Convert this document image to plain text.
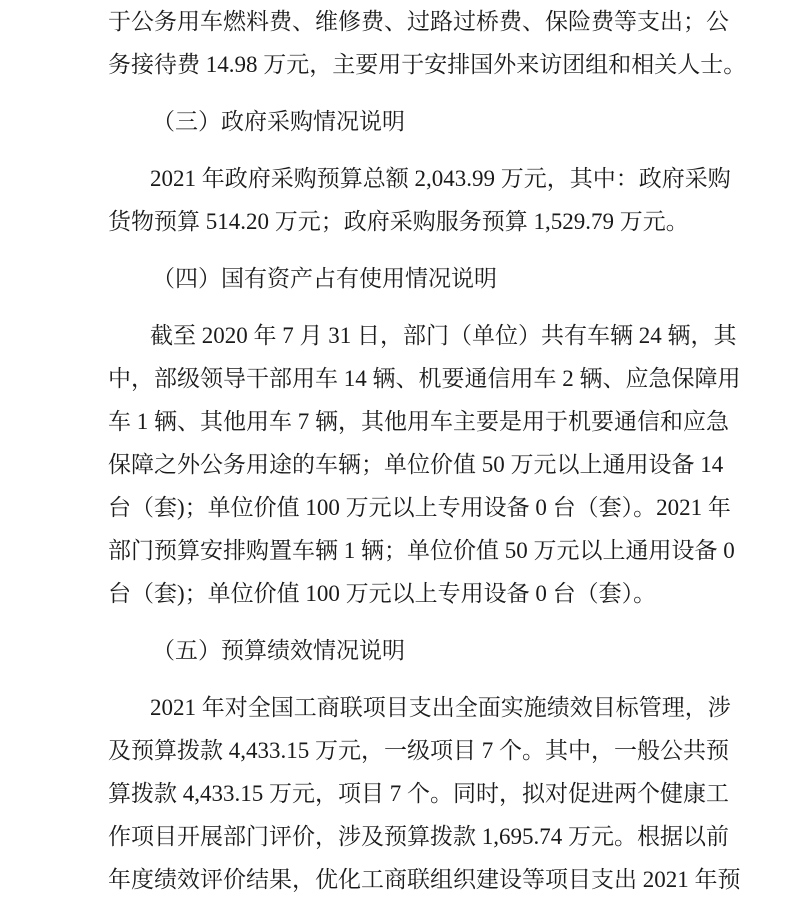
于公务用车燃料费、维修费、过路过桥费、保险费等支出；公
务接待费 14.98 万元，主要用于安排国外来访团组和相关人士。
（三）政府采购情况说明
2021 年政府采购预算总额 2,043.99 万元，其中：政府采购
货物预算 514.20 万元；政府采购服务预算 1,529.79 万元。
（四）国有资产占有使用情况说明
截至 2020 年 7 月 31 日，部门（单位）共有车辆 24 辆，其
中，部级领导干部用车 14 辆、机要通信用车 2 辆、应急保障用
车 1 辆、其他用车 7 辆，其他用车主要是用于机要通信和应急
保障之外公务用途的车辆；单位价值 50 万元以上通用设备 14
台（套)；单位价值 100 万元以上专用设备 0 台（套）。2021 年
部门预算安排购置车辆 1 辆；单位价值 50 万元以上通用设备 0
台（套)；单位价值 100 万元以上专用设备 0 台（套）。
（五）预算绩效情况说明
2021 年对全国工商联项目支出全面实施绩效目标管理，涉
及预算拨款 4,433.15 万元，一级项目 7 个。其中，一般公共预
算拨款 4,433.15 万元，项目 7 个。同时，拟对促进两个健康工
作项目开展部门评价，涉及预算拨款 1,695.74 万元。根据以前
年度绩效评价结果，优化工商联组织建设等项目支出 2021 年预
